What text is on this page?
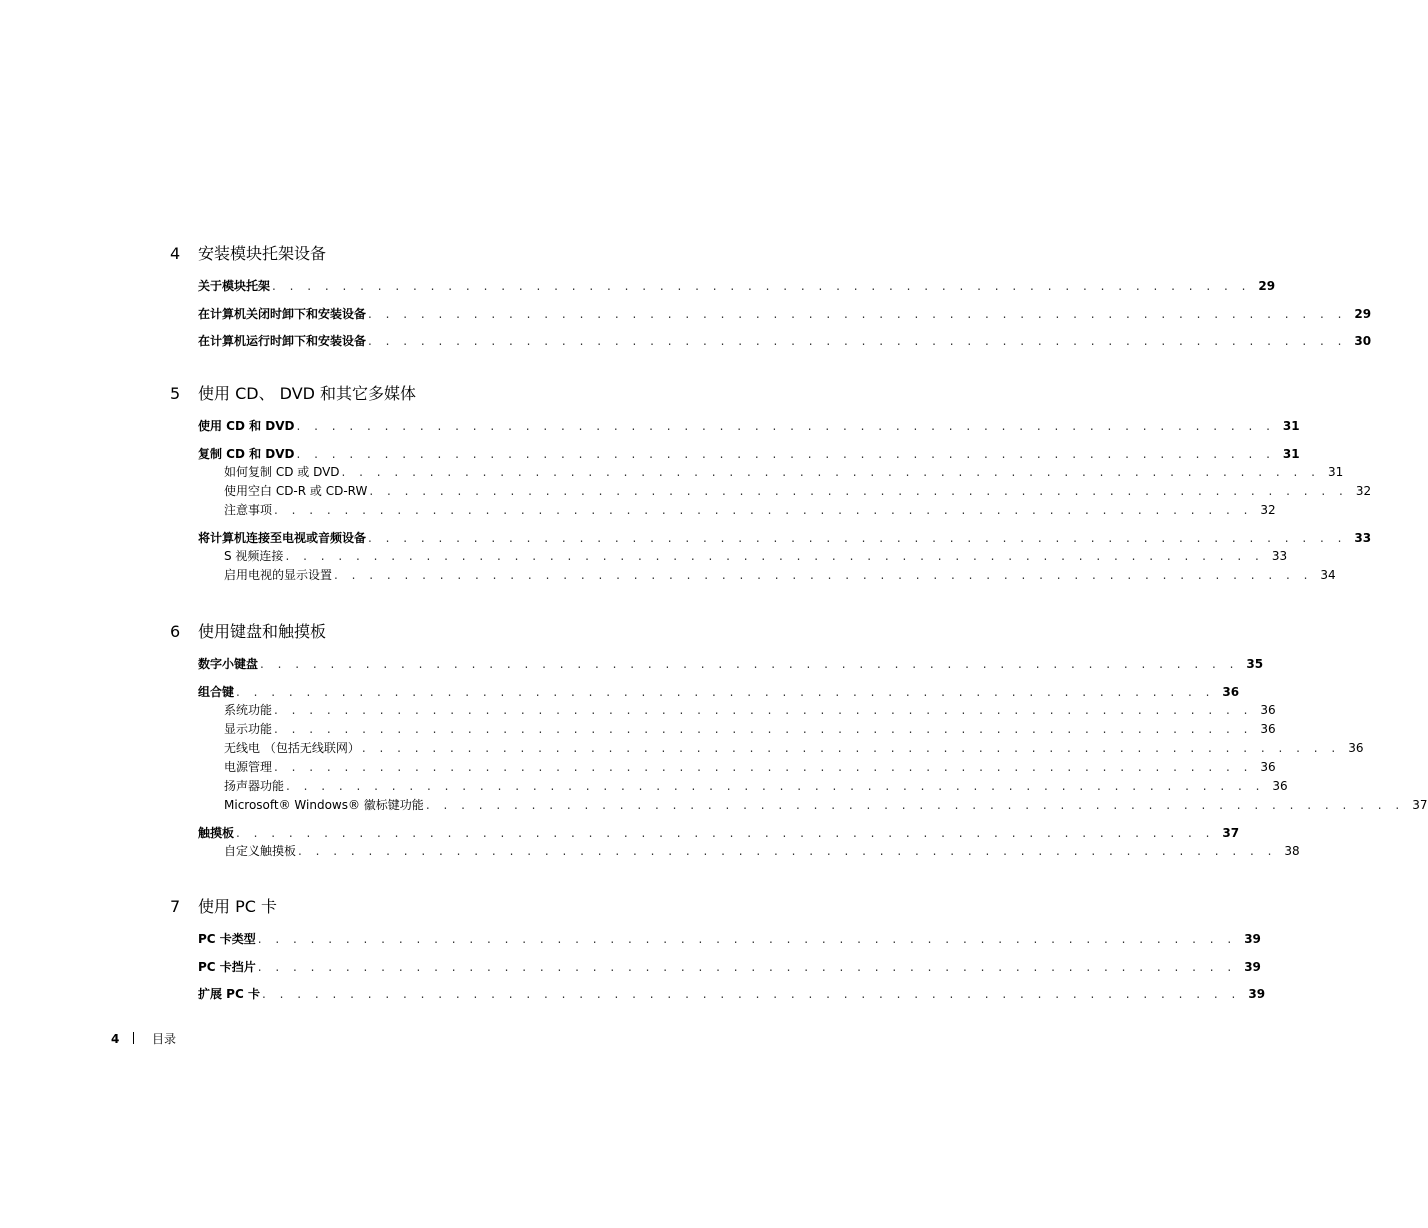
4 安装模块托架设备
关于模块托架 . . .	29
在计算机关闭时卸下和安装设备 . . .	29
在计算机运行时卸下和安装设备 . . .	30
5 使用 CD、 DVD 和其它多媒体
使用 CD 和 DVD . . .	31
复制 CD 和 DVD . . .	31
如何复制 CD 或 DVD . . .	31
使用空白 CD-R 或 CD-RW . . .	32
注意事项 . . .	32
将计算机连接至电视或音频设备 . . .	33
S 视频连接 . . .	33
启用电视的显示设置 . . .	34
6 使用键盘和触摸板
数字小键盘 . . .	35
组合键 . . .	36
系统功能 . . .	36
显示功能 . . .	36
无线电 （包括无线联网） . . .	36
电源管理 . . .	36
扬声器功能 . . .	36
Microsoft® Windows® 徽标键功能 . . .	37
触摸板 . . .	37
自定义触摸板 . . .	38
7 使用 PC 卡
PC 卡类型 . . .	39
PC 卡挡片 . . .	39
扩展 PC 卡 . . .	39
4	目录
